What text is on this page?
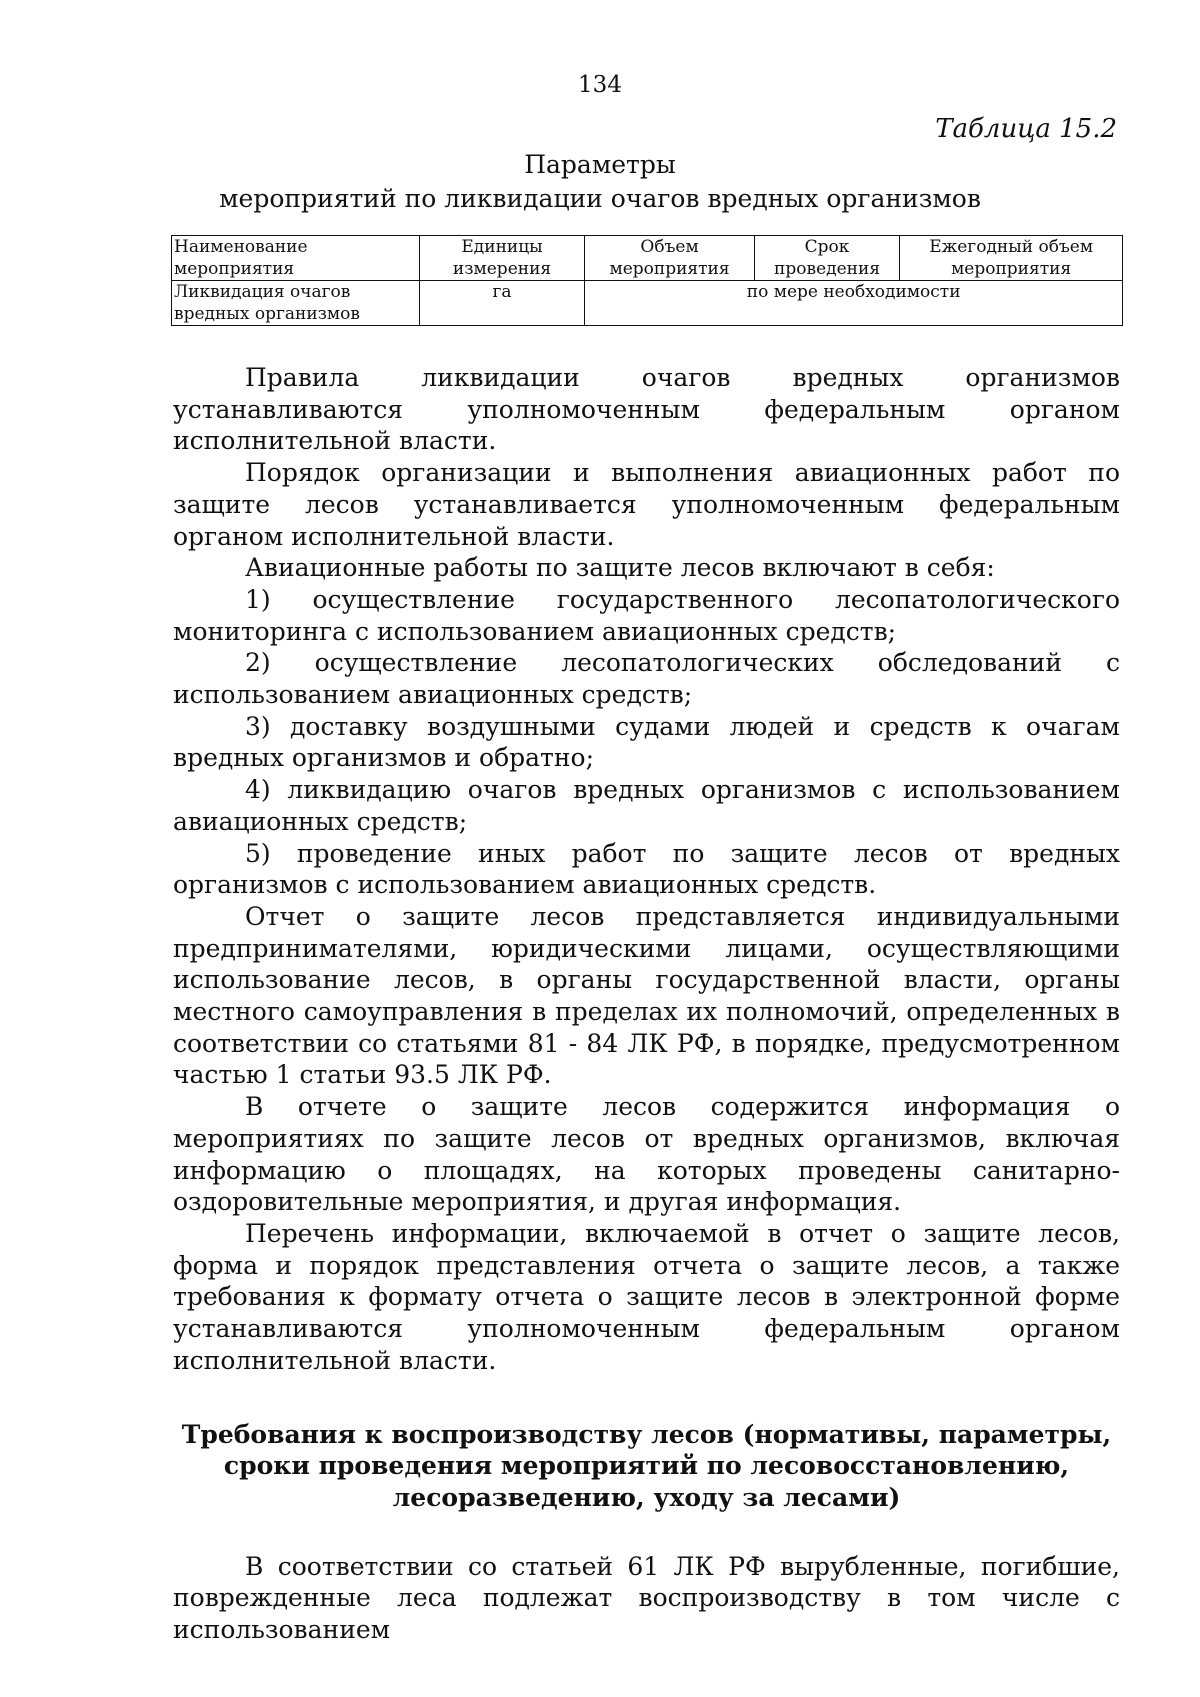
134
Таблица 15.2
Параметры
мероприятий по ликвидации очагов вредных организмов
Наименование мероприятия	Единицы измерения	Объем мероприятия	Срок проведения	Ежегодный объем мероприятия
Ликвидация очагов вредных организмов	га	по мере необходимости		

Правила ликвидации очагов вредных организмов устанавливаются уполномоченным федеральным органом исполнительной власти.

Порядок организации и выполнения авиационных работ по защите лесов устанавливается уполномоченным федеральным органом исполнительной власти.

Авиационные работы по защите лесов включают в себя:

1) осуществление государственного лесопатологического мониторинга с использованием авиационных средств;

2) осуществление лесопатологических обследований с использованием авиационных средств;

3) доставку воздушными судами людей и средств к очагам вредных организмов и обратно;

4) ликвидацию очагов вредных организмов с использованием авиационных средств;

5) проведение иных работ по защите лесов от вредных организмов с использованием авиационных средств.

Отчет о защите лесов представляется индивидуальными предпринимателями, юридическими лицами, осуществляющими использование лесов, в органы государственной власти, органы местного самоуправления в пределах их полномочий, определенных в соответствии со статьями 81 - 84 ЛК РФ, в порядке, предусмотренном частью 1 статьи 93.5 ЛК РФ.

В отчете о защите лесов содержится информация о мероприятиях по защите лесов от вредных организмов, включая информацию о площадях, на которых проведены санитарно-оздоровительные мероприятия, и другая информация.

Перечень информации, включаемой в отчет о защите лесов, форма и порядок представления отчета о защите лесов, а также требования к формату отчета о защите лесов в электронной форме устанавливаются уполномоченным федеральным органом исполнительной власти.

Требования к воспроизводству лесов (нормативы, параметры,
сроки проведения мероприятий по лесовосстановлению,
лесоразведению, уходу за лесами)

В соответствии со статьей 61 ЛК РФ вырубленные, погибшие, поврежденные леса подлежат воспроизводству в том числе с использованием
